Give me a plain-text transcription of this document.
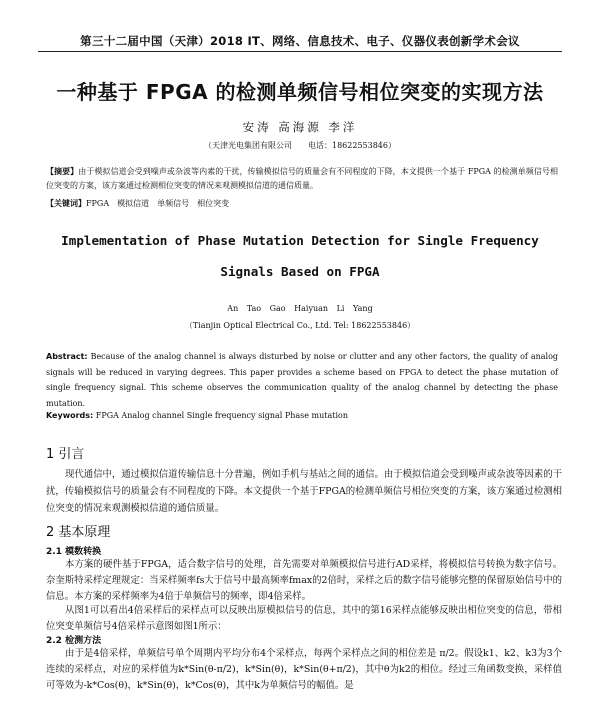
第三十二届中国（天津）2018 IT、网络、信息技术、电子、仪器仪表创新学术会议
一种基于 FPGA 的检测单频信号相位突变的实现方法
安涛 高海源 李洋
（天津光电集团有限公司　　电话：18622553846）
【摘要】由于模拟信道会受到噪声或杂波等内素的干扰，传输模拟信号的质量会有不同程度的下降，本文提供一个基于 FPGA 的检测单频信号相位突变的方案，该方案通过检测相位突变的情况来观测模拟信道的通信质量。
【关键词】FPGA　模拟信道　单频信号　相位突变
Implementation of Phase Mutation Detection for Single Frequency
Signals Based on FPGA
An Tao Gao Haiyuan Li Yang
（Tianjin Optical Electrical Co., Ltd. Tel: 18622553846）
Abstract: Because of the analog channel is always disturbed by noise or clutter and any other factors, the quality of analog signals will be reduced in varying degrees. This paper provides a scheme based on FPGA to detect the phase mutation of single frequency signal. This scheme observes the communication quality of the analog channel by detecting the phase mutation.
Keywords: FPGA Analog channel Single frequency signal Phase mutation
1 引言
现代通信中，通过模拟信道传输信息十分普遍，例如手机与基站之间的通信。由于模拟信道会受到噪声或杂波等因素的干扰，传输模拟信号的质量会有不同程度的下降。本文提供一个基于FPGA的检测单频信号相位突变的方案，该方案通过检测相位突变的情况来观测模拟信道的通信质量。
2 基本原理
2.1 模数转换
本方案的硬件基于FPGA，适合数字信号的处理，首先需要对单频模拟信号进行AD采样，将模拟信号转换为数字信号。奈奎斯特采样定理规定：当采样频率fs大于信号中最高频率fmax的2倍时，采样之后的数字信号能够完整的保留原始信号中的信息。本方案的采样频率为4倍于单频信号的频率，即4倍采样。
从图1可以看出4倍采样后的采样点可以反映出原模拟信号的信息，其中的第16采样点能够反映出相位突变的信息，带相位突变单频信号4倍采样示意图如图1所示：
2.2 检测方法
由于是4倍采样，单频信号单个周期内平均分布4个采样点，每两个采样点之间的相位差是 π/2。假设k1、k2、k3为3个连续的采样点，对应的采样值为k*Sin(θ-π/2)，k*Sin(θ)，k*Sin(θ+π/2)，其中θ为k2的相位。经过三角函数变换，采样值可等效为-k*Cos(θ)，k*Sin(θ)，k*Cos(θ)，其中k为单频信号的幅值。是
